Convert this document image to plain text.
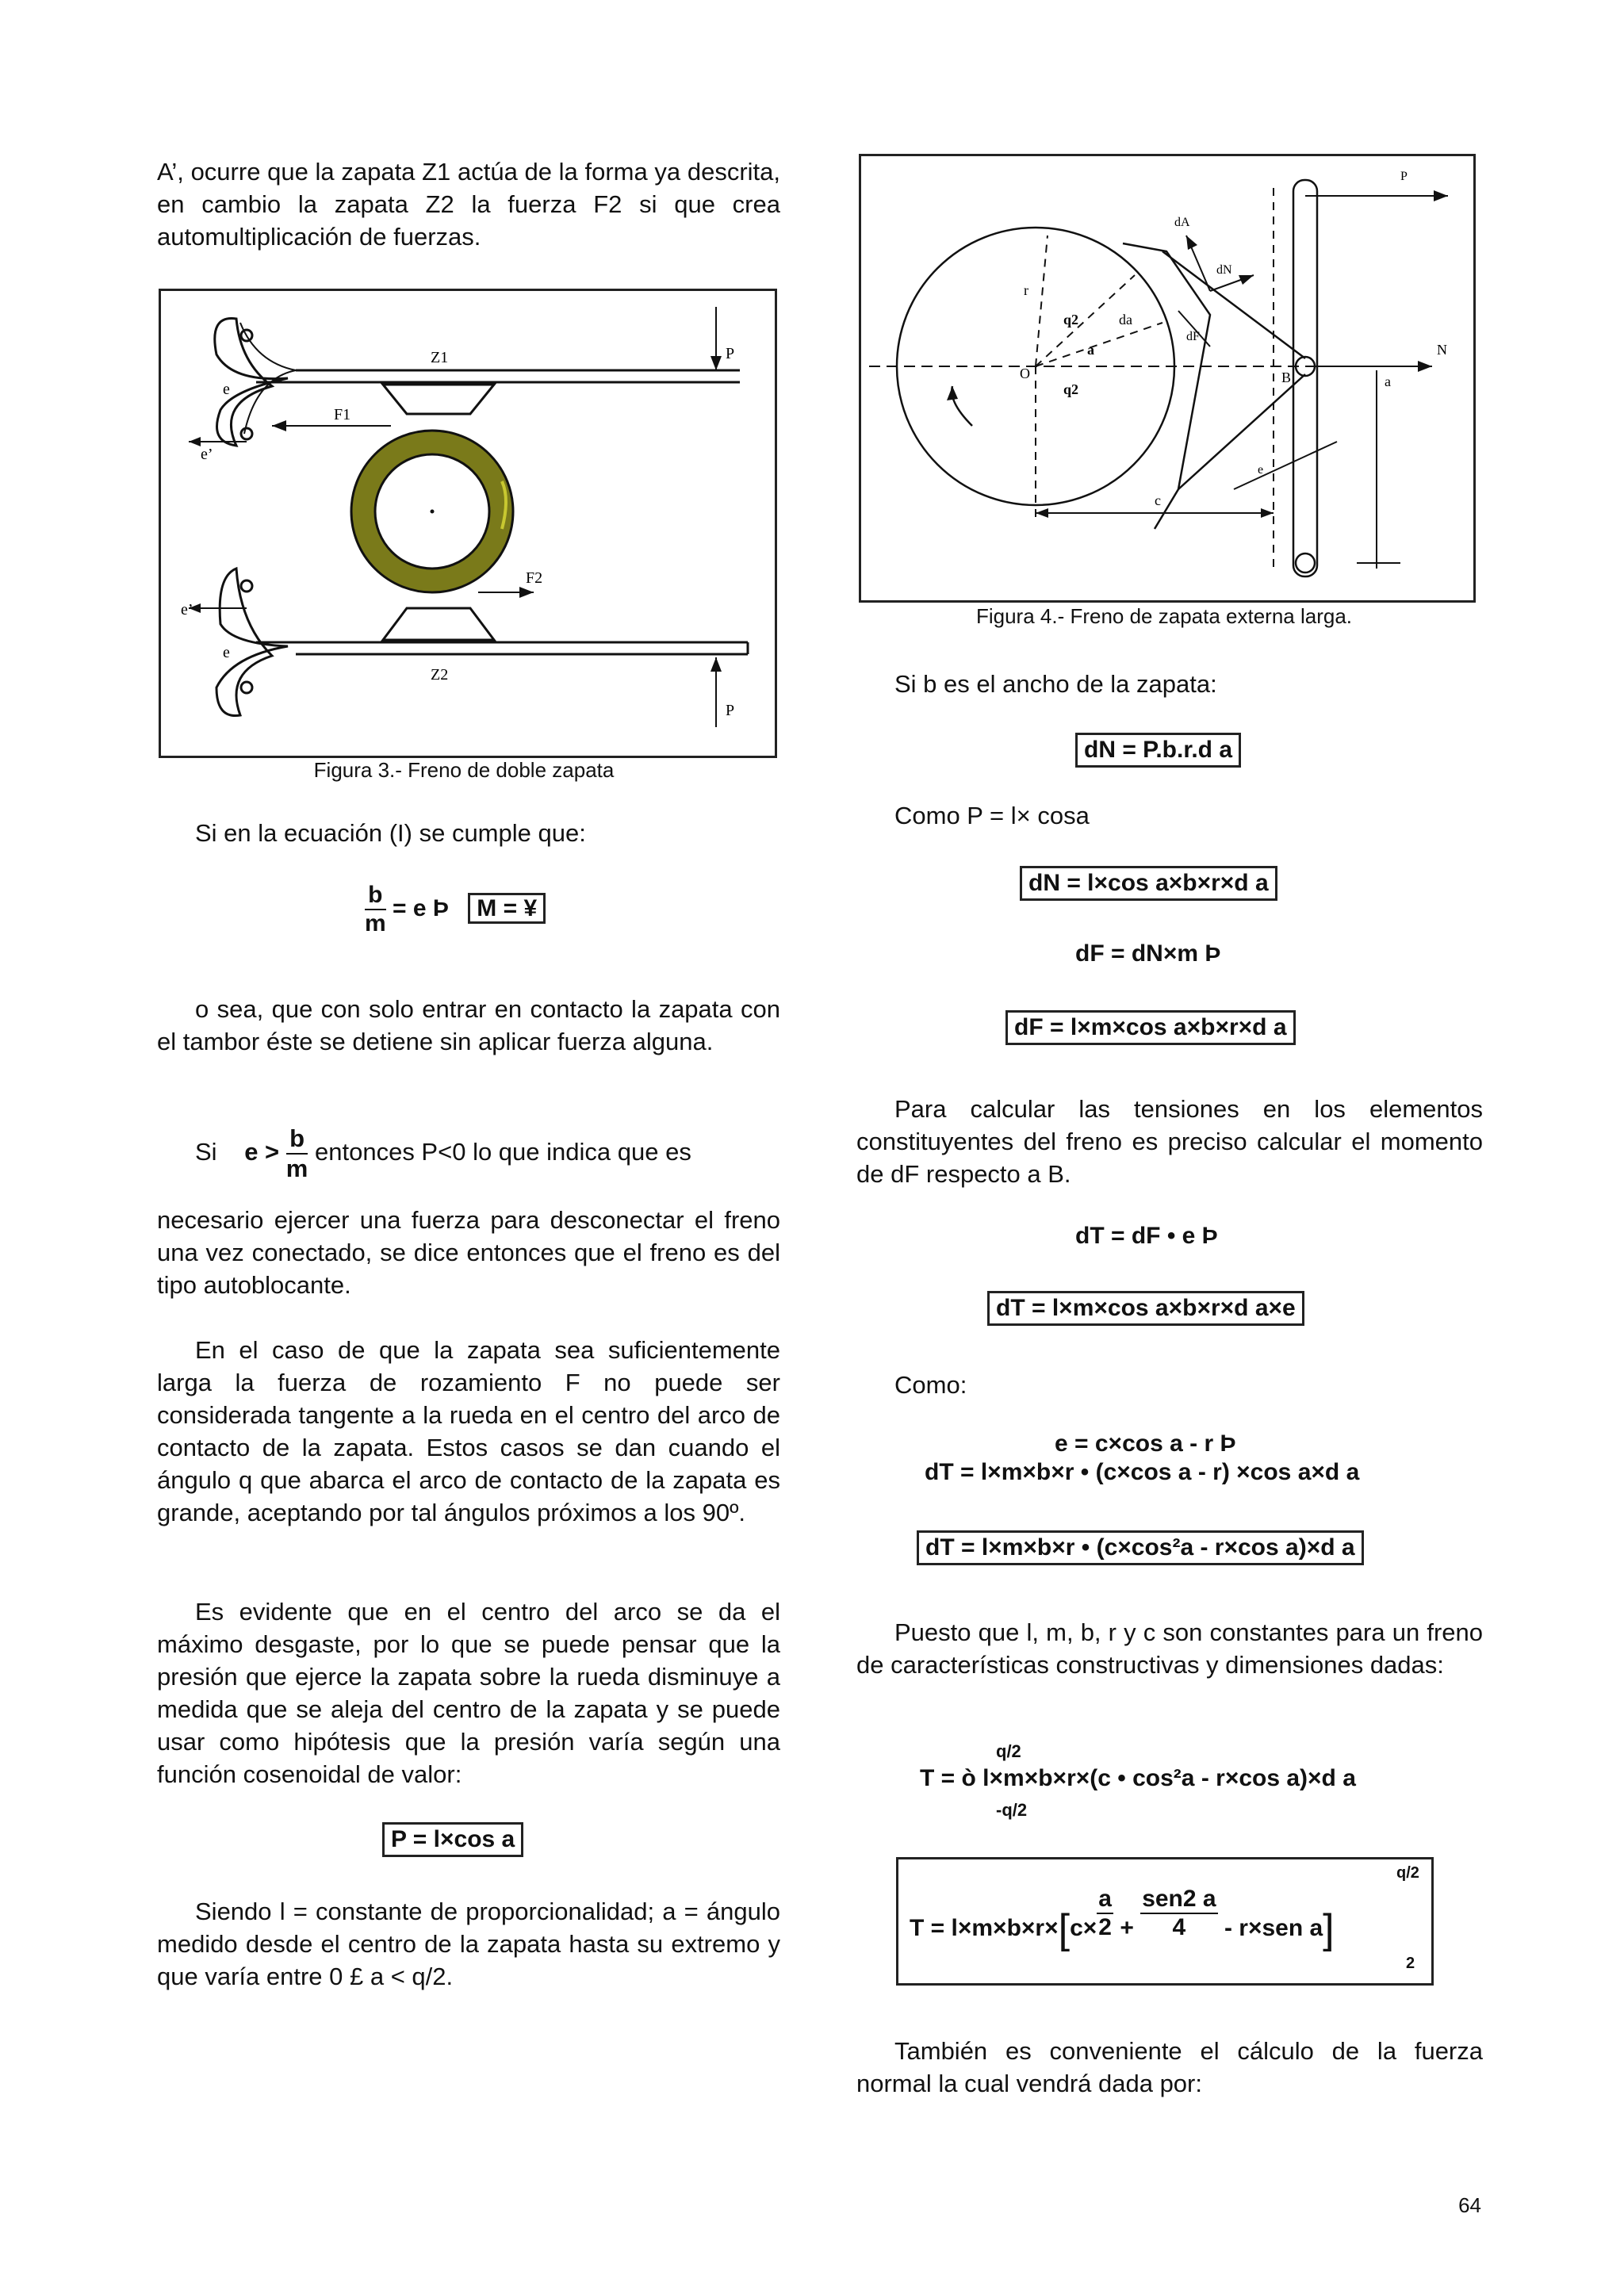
A’, ocurre que la zapata Z1 actúa de la forma ya descrita, en cambio la zapata Z2 la fuerza F2 si que crea automultiplicación de fuerzas.

Z1
Z2
P
P
e
e’
e’
e
F1
F2
Figura 3.- Freno de doble zapata

Si en la ecuación (I) se cumple que:

$\frac{b}{m} = e$ Þ M = ¥

o sea, que con solo entrar en contacto la zapata con el tambor éste se detiene sin aplicar fuerza alguna.

Si $e > \frac{b}{m}$ entonces P<0 lo que indica que es

necesario ejercer una fuerza para desconectar el freno una vez conectado, se dice entonces que el freno es del tipo autoblocante.

En el caso de que la zapata sea suficientemente larga la fuerza de rozamiento F no puede ser considerada tangente a la rueda en el centro del arco de contacto de la zapata. Estos casos se dan cuando el ángulo q que abarca el arco de contacto de la zapata es grande, aceptando por tal ángulos próximos a los 90º.

Es evidente que en el centro del arco se da el máximo desgaste, por lo que se puede pensar que la presión que ejerce la zapata sobre la rueda disminuye a medida que se aleja del centro de la zapata y se puede usar como hipótesis que la presión varía según una función cosenoidal de valor:

P = l×cos a

Siendo l = constante de proporcionalidad; a = ángulo medido desde el centro de la zapata hasta su extremo y que varía entre 0 £ a < q/2.

P
dA
dN
dF
r
q2
q2
da
a
O	B
N
a
c
e
Figura 4.- Freno de zapata externa larga.

Si b es el ancho de la zapata:

dN = P.b.r.d a

Como P = l× cosa

dN = l×cos a×b×r×d a
dF = dN×m Þ
dF = l×m×cos a×b×r×d a

Para calcular las tensiones en los elementos constituyentes del freno es preciso calcular el momento de dF respecto a B.

dT = dF • e Þ
dT = l×m×cos a×b×r×d a×e

Como:

e = c×cos a - r Þ
dT = l×m×b×r • (c×cos a - r) ×cos a×d a
dT = l×m×b×r • (c×cos²a - r×cos a)×d a

Puesto que l, m, b, r y c son constantes para un freno de características constructivas y dimensiones dadas:

q/2
T = ò l×m×b×r×(c • cos²a - r×cos a)×d a
-q/2
$T = l\times m\times b\times r\times[c\times \frac{a}{2} + \frac{\text{sen2 a}}{4} - r\times sen$ a]
q/2
2

También es conveniente el cálculo de la fuerza normal la cual vendrá dada por:

64
